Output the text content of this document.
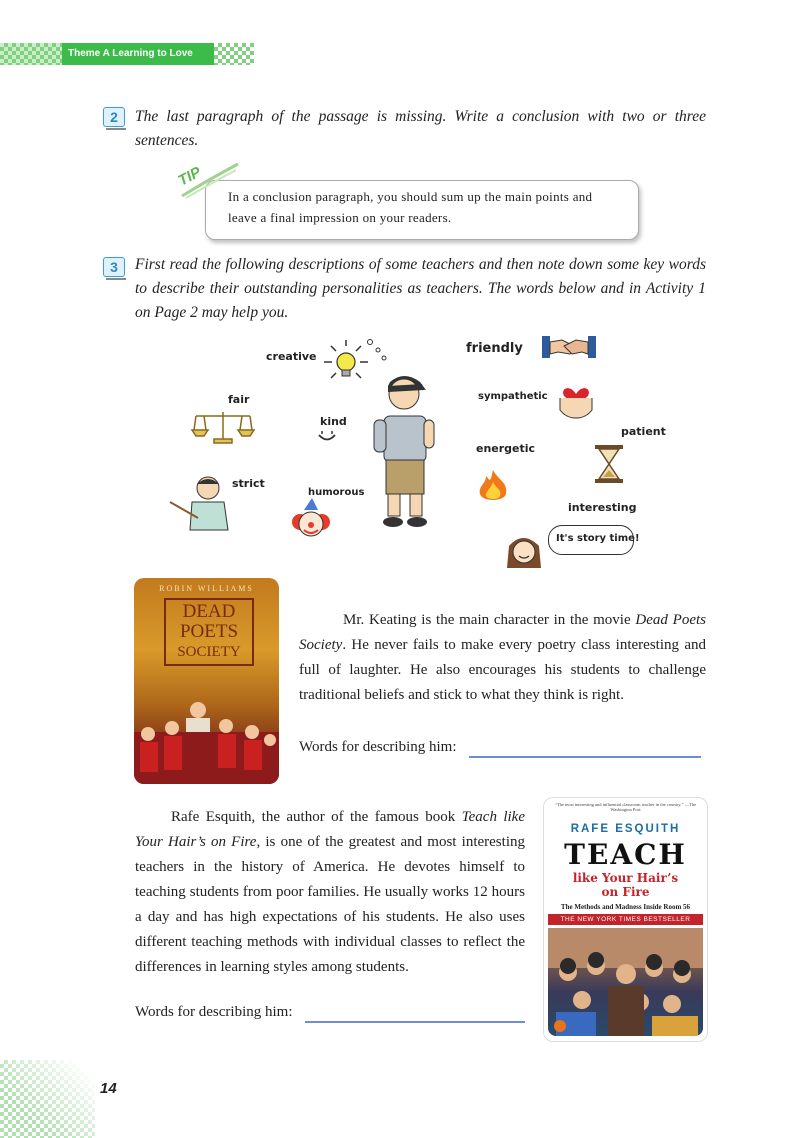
Theme A Learning to Love
2	The last paragraph of the passage is missing. Write a conclusion with two or three sentences.
TIP
In a conclusion paragraph, you should sum up the main points and leave a final impression on your readers.
3	First read the following descriptions of some teachers and then note down some key words to describe their outstanding personalities as teachers. The words below and in Activity 1 on Page 2 may help you.
creative
friendly
fair
kind
sympathetic
patient
energetic
strict
humorous
interesting
It's story time!
ROBIN WILLIAMS
DEAD
POETS
SOCIETY
Mr. Keating is the main character in the movie Dead Poets Society. He never fails to make every poetry class interesting and full of laughter. He also encourages his students to challenge traditional beliefs and stick to what they think is right.
Words for describing him:
Rafe Esquith, the author of the famous book Teach like Your Hair’s on Fire, is one of the greatest and most interesting teachers in the history of America. He devotes himself to teaching students from poor families. He usually works 12 hours a day and has high expectations of his students. He also uses different teaching methods with individual classes to reflect the differences in learning styles among students.
Words for describing him:
“The most interesting and influential classroom teacher in the country.” —The Washington Post
RAFE ESQUITH
TEACH
like Your Hair’s
on Fire
The Methods and Madness Inside Room 56
THE NEW YORK TIMES BESTSELLER
14
